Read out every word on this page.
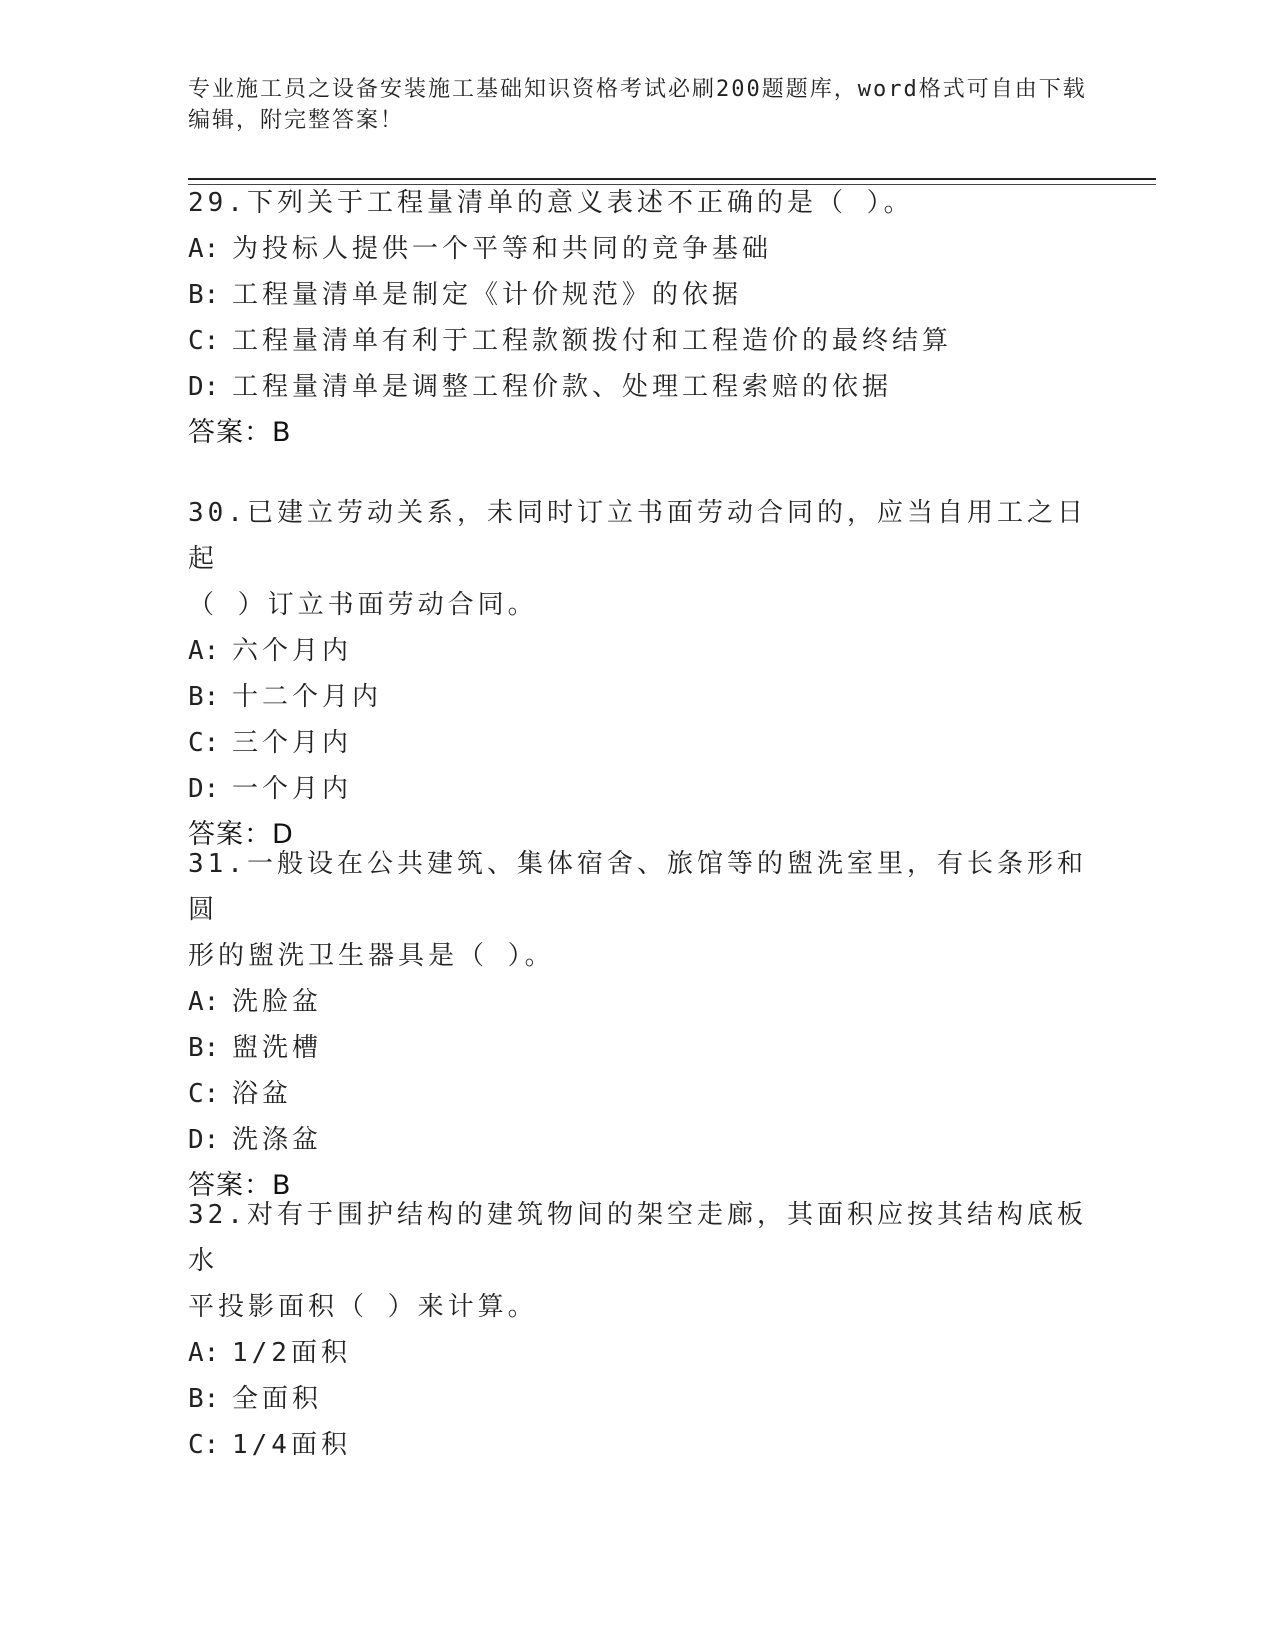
专业施工员之设备安装施工基础知识资格考试必刷200题题库，word格式可自由下载编辑，附完整答案！
29.下列关于工程量清单的意义表述不正确的是（ ）。
A: 为投标人提供一个平等和共同的竞争基础
B: 工程量清单是制定《计价规范》的依据
C: 工程量清单有利于工程款额拨付和工程造价的最终结算
D: 工程量清单是调整工程价款、处理工程索赔的依据
答案：B
30.已建立劳动关系，未同时订立书面劳动合同的，应当自用工之日起
（ ）订立书面劳动合同。
A: 六个月内
B: 十二个月内
C: 三个月内
D: 一个月内
答案：D
31.一般设在公共建筑、集体宿舍、旅馆等的盥洗室里，有长条形和圆
形的盥洗卫生器具是（ ）。
A: 洗脸盆
B: 盥洗槽
C: 浴盆
D: 洗涤盆
答案：B
32.对有于围护结构的建筑物间的架空走廊，其面积应按其结构底板水
平投影面积（ ）来计算。
A: 1/2面积
B: 全面积
C: 1/4面积
